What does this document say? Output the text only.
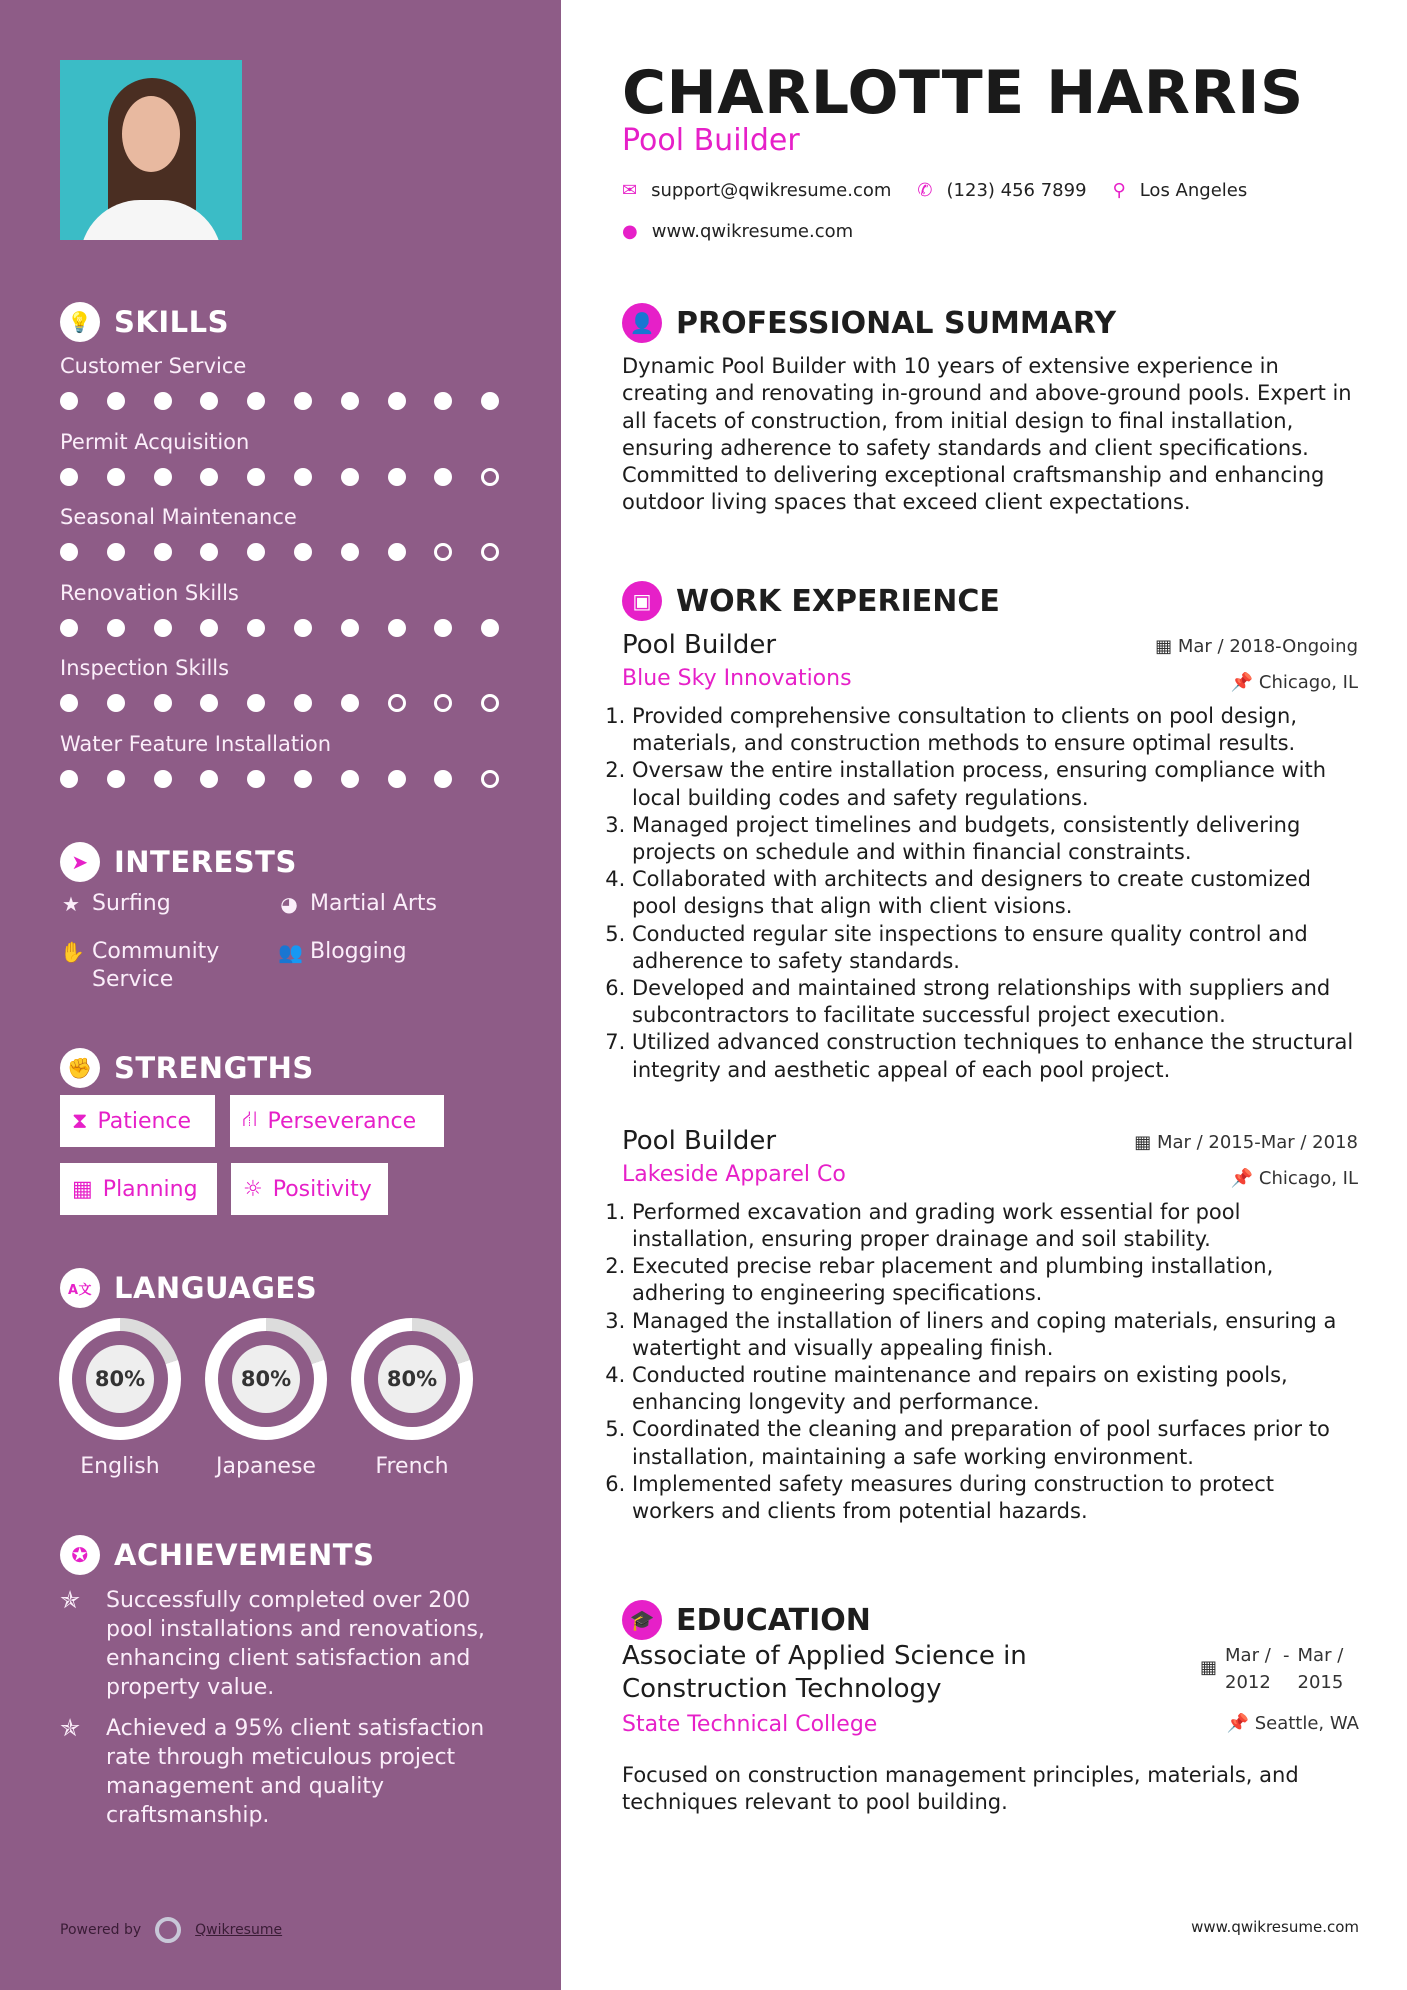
💡 SKILLS
Customer Service
Permit Acquisition
Seasonal Maintenance
Renovation Skills
Inspection Skills
Water Feature Installation
➤ INTERESTS
★ Surfing	◕ Martial Arts
✋ Community Service
👥 Blogging
✊ STRENGTHS
⧗ Patience ⛙ Perseverance
▦ Planning ☼ Positivity
A文 LANGUAGES
80%
English
80%
Japanese
80%
French
✪ ACHIEVEMENTS
✯	Successfully completed over 200 pool installations and renovations, enhancing client satisfaction and property value.
✯	Achieved a 95% client satisfaction rate through meticulous project management and quality craftsmanship.
Powered by	Qwikresume
CHARLOTTE HARRIS
Pool Builder
✉ support@qwikresume.com ✆ (123) 456 7899 ⚲ Los Angeles
● www.qwikresume.com
👤 PROFESSIONAL SUMMARY
Dynamic Pool Builder with 10 years of extensive experience in creating and renovating in-ground and above-ground pools. Expert in all facets of construction, from initial design to final installation, ensuring adherence to safety standards and client specifications. Committed to delivering exceptional craftsmanship and enhancing outdoor living spaces that exceed client expectations.
▣ WORK EXPERIENCE
Pool Builder	▦ Mar / 2018-Ongoing
Blue Sky Innovations	📌 Chicago, IL
1. Provided comprehensive consultation to clients on pool design, materials, and construction methods to ensure optimal results.
2. Oversaw the entire installation process, ensuring compliance with local building codes and safety regulations.
3. Managed project timelines and budgets, consistently delivering projects on schedule and within financial constraints.
4. Collaborated with architects and designers to create customized pool designs that align with client visions.
5. Conducted regular site inspections to ensure quality control and adherence to safety standards.
6. Developed and maintained strong relationships with suppliers and subcontractors to facilitate successful project execution.
7. Utilized advanced construction techniques to enhance the structural integrity and aesthetic appeal of each pool project.
Pool Builder	▦ Mar / 2015-Mar / 2018
Lakeside Apparel Co	📌 Chicago, IL
1. Performed excavation and grading work essential for pool installation, ensuring proper drainage and soil stability.
2. Executed precise rebar placement and plumbing installation, adhering to engineering specifications.
3. Managed the installation of liners and coping materials, ensuring a watertight and visually appealing finish.
4. Conducted routine maintenance and repairs on existing pools, enhancing longevity and performance.
5. Coordinated the cleaning and preparation of pool surfaces prior to installation, maintaining a safe working environment.
6. Implemented safety measures during construction to protect workers and clients from potential hazards.
🎓 EDUCATION
Associate of Applied Science in Construction Technology
▦
Mar / 2012
- Mar / 2015
State Technical College	📌 Seattle, WA
Focused on construction management principles, materials, and techniques relevant to pool building.
www.qwikresume.com
